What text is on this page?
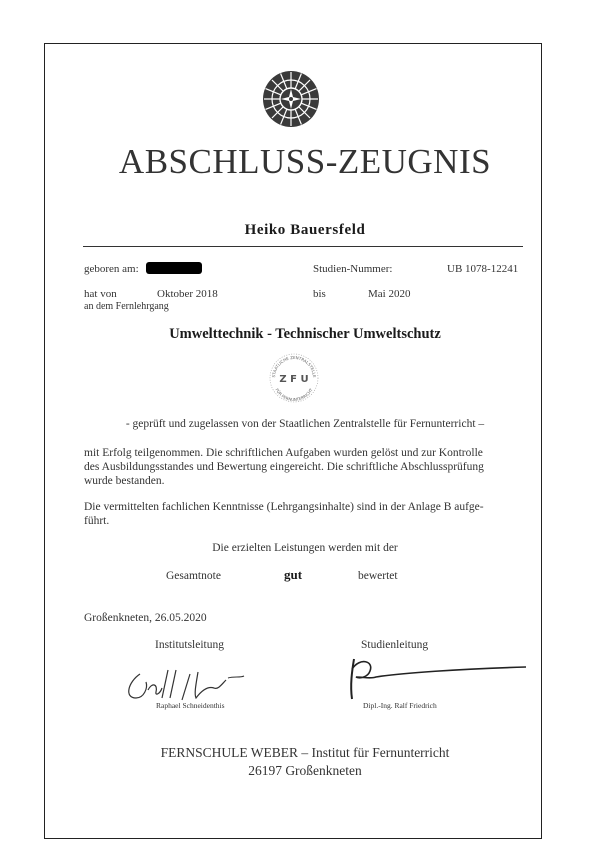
ABSCHLUSS-ZEUGNIS
Heiko Bauersfeld
geboren am:	Studien-Nummer:	UB 1078-12241
hat von	Oktober 2018	bis	Mai 2020
an dem Fernlehrgang
Umwelttechnik - Technischer Umweltschutz
STAATLICHE ZENTRALSTELLE
FÜR FERNUNTERRICHT
Z F U
- geprüft und zugelassen von der Staatlichen Zentralstelle für Fernunterricht –
mit Erfolg teilgenommen. Die schriftlichen Aufgaben wurden gelöst und zur Kontrolle
des Ausbildungsstandes und Bewertung eingereicht. Die schriftliche Abschlussprüfung
wurde bestanden.
Die vermittelten fachlichen Kenntnisse (Lehrgangsinhalte) sind in der Anlage B aufge-
führt.
Die erzielten Leistungen werden mit der
Gesamtnote	gut	bewertet
Großenkneten, 26.05.2020
Institutsleitung	Studienleitung
Raphael Schneidenthis	Dipl.-Ing. Ralf Friedrich
FERNSCHULE WEBER – Institut für Fernunterricht
26197 Großenkneten
